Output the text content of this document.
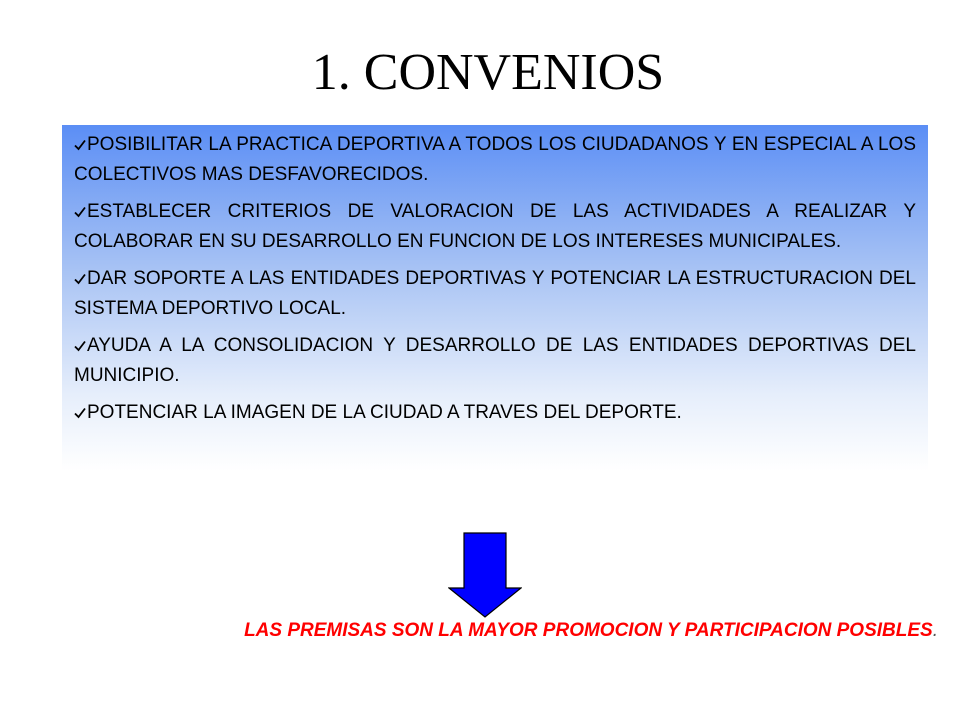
1. CONVENIOS
POSIBILITAR LA PRACTICA DEPORTIVA A TODOS LOS CIUDADANOS Y EN ESPECIAL A LOS COLECTIVOS MAS DESFAVORECIDOS.
ESTABLECER CRITERIOS DE VALORACION DE LAS ACTIVIDADES A REALIZAR Y COLABORAR EN SU DESARROLLO EN FUNCION DE LOS INTERESES MUNICIPALES.
DAR SOPORTE A LAS ENTIDADES DEPORTIVAS Y POTENCIAR LA ESTRUCTURACION DEL SISTEMA DEPORTIVO LOCAL.
AYUDA A LA CONSOLIDACION Y DESARROLLO DE LAS ENTIDADES DEPORTIVAS DEL MUNICIPIO.
POTENCIAR LA IMAGEN DE LA CIUDAD A TRAVES DEL DEPORTE.

LAS PREMISAS SON LA MAYOR PROMOCION Y PARTICIPACION POSIBLES.
